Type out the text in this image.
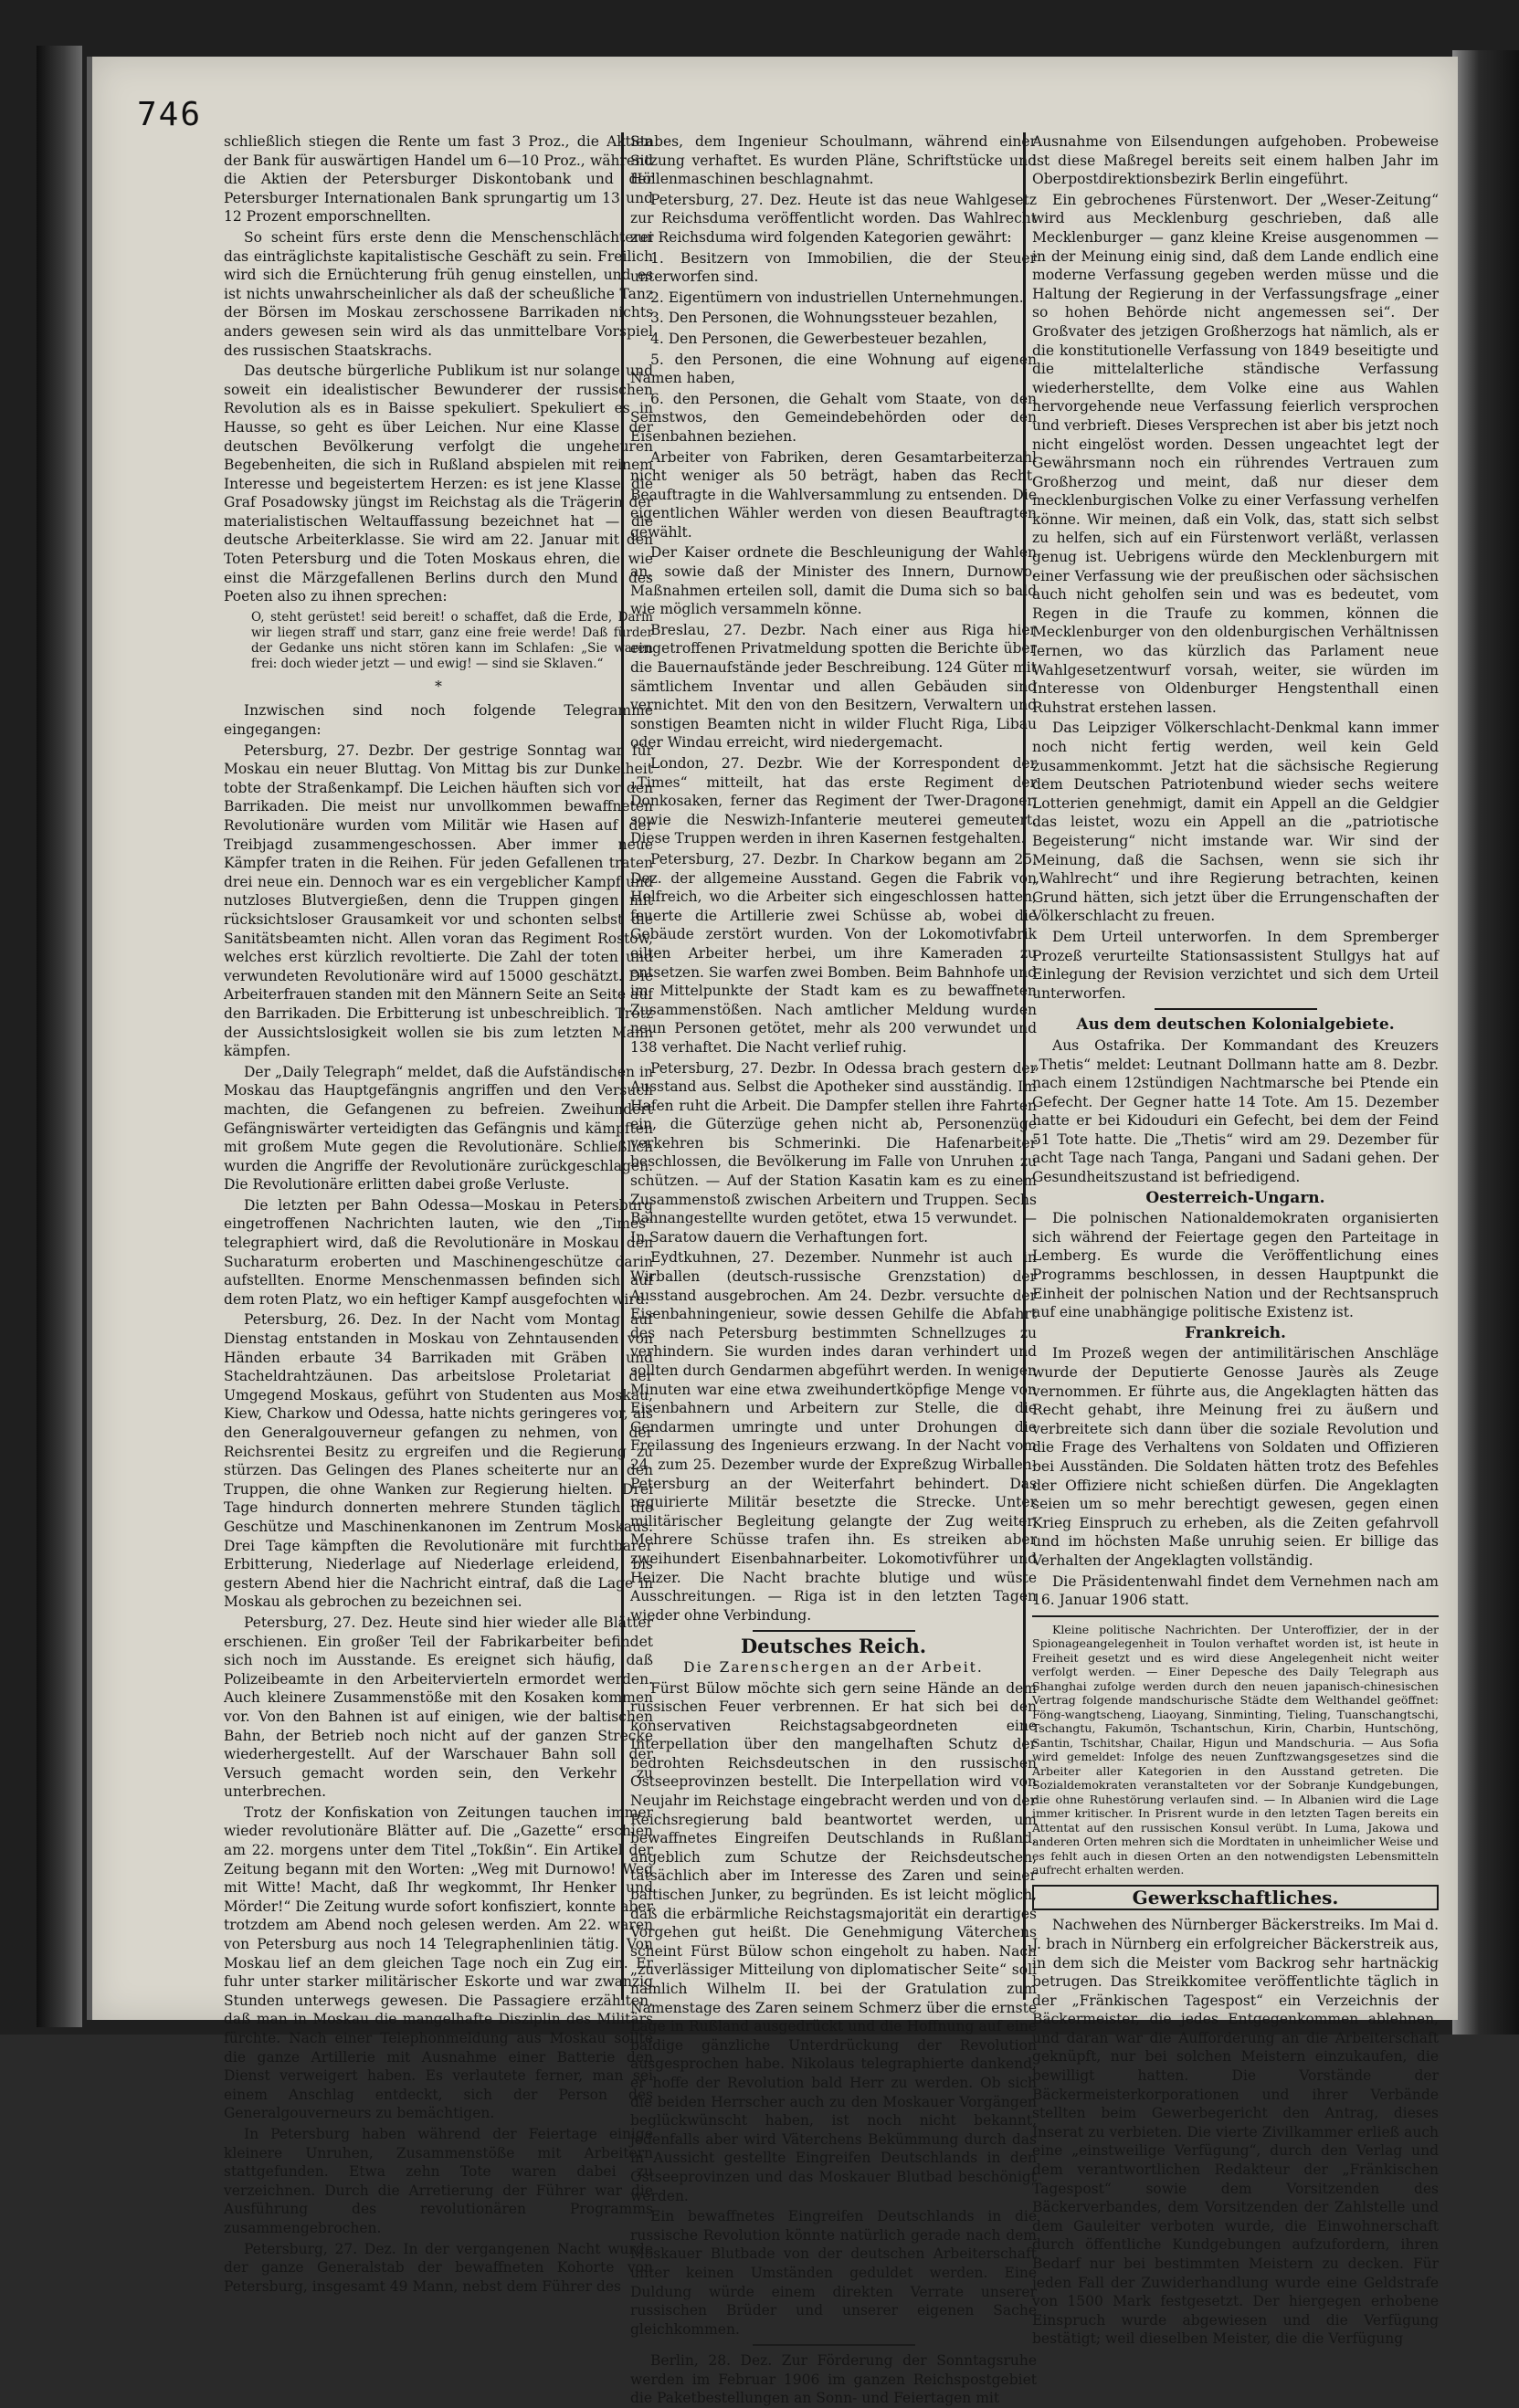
746

schließlich stiegen die Rente um fast 3 Proz., die Aktien der Bank für auswärtigen Handel um 6—10 Proz., während die Aktien der Petersburger Diskontobank und der Petersburger Internationalen Bank sprungartig um 13 und 12 Prozent emporschnellten.

So scheint fürs erste denn die Menschenschlächterei das einträglichste kapitalistische Geschäft zu sein. Freilich wird sich die Ernüchterung früh genug einstellen, und es ist nichts unwahrscheinlicher als daß der scheußliche Tanz der Börsen im Moskau zerschossene Barrikaden nichts anders gewesen sein wird als das unmittelbare Vorspiel des russischen Staatskrachs.

Das deutsche bürgerliche Publikum ist nur solange und soweit ein idealistischer Bewunderer der russischen Revolution als es in Baisse spekuliert. Spekuliert es in Hausse, so geht es über Leichen. Nur eine Klasse der deutschen Bevölkerung verfolgt die ungeheuren Begebenheiten, die sich in Rußland abspielen mit reinem Interesse und begeistertem Herzen: es ist jene Klasse, die Graf Posadowsky jüngst im Reichstag als die Trägerin der materialistischen Weltauffassung bezeichnet hat — die deutsche Arbeiterklasse. Sie wird am 22. Januar mit den Toten Petersburg und die Toten Moskaus ehren, die wie einst die Märzgefallenen Berlins durch den Mund des Poeten also zu ihnen sprechen:

O, steht gerüstet! seid bereit! o schaffet, daß die Erde, Darin wir liegen straff und starr, ganz eine freie werde! Daß fürder der Gedanke uns nicht stören kann im Schlafen: „Sie waren frei: doch wieder jetzt — und ewig! — sind sie Sklaven.“

*

Inzwischen sind noch folgende Telegramme eingegangen:

Petersburg, 27. Dezbr. Der gestrige Sonntag war für Moskau ein neuer Bluttag. Von Mittag bis zur Dunkelheit tobte der Straßenkampf. Die Leichen häuften sich vor den Barrikaden. Die meist nur unvollkommen bewaffneten Revolutionäre wurden vom Militär wie Hasen auf der Treibjagd zusammengeschossen. Aber immer neue Kämpfer traten in die Reihen. Für jeden Gefallenen traten drei neue ein. Dennoch war es ein vergeblicher Kampf und nutzloses Blutvergießen, denn die Truppen gingen mit rücksichtsloser Grausamkeit vor und schonten selbst die Sanitätsbeamten nicht. Allen voran das Regiment Rostow, welches erst kürzlich revoltierte. Die Zahl der toten und verwundeten Revolutionäre wird auf 15000 geschätzt. Die Arbeiterfrauen standen mit den Männern Seite an Seite auf den Barrikaden. Die Erbitterung ist unbeschreiblich. Trotz der Aussichtslosigkeit wollen sie bis zum letzten Mann kämpfen.

Der „Daily Telegraph“ meldet, daß die Aufständischen in Moskau das Hauptgefängnis angriffen und den Versuch machten, die Gefangenen zu befreien. Zweihundert Gefängniswärter verteidigten das Gefängnis und kämpften mit großem Mute gegen die Revolutionäre. Schließlich wurden die Angriffe der Revolutionäre zurückgeschlagen. Die Revolutionäre erlitten dabei große Verluste.

Die letzten per Bahn Odessa—Moskau in Petersburg eingetroffenen Nachrichten lauten, wie den „Times“ telegraphiert wird, daß die Revolutionäre in Moskau den Sucharaturm eroberten und Maschinengeschütze darin aufstellten. Enorme Menschenmassen befinden sich auf dem roten Platz, wo ein heftiger Kampf ausgefochten wird.

Petersburg, 26. Dez. In der Nacht vom Montag auf Dienstag entstanden in Moskau von Zehntausenden von Händen erbaute 34 Barrikaden mit Gräben und Stacheldrahtzäunen. Das arbeitslose Proletariat der Umgegend Moskaus, geführt von Studenten aus Moskau, Kiew, Charkow und Odessa, hatte nichts geringeres vor, als den Generalgouverneur gefangen zu nehmen, von der Reichsrentei Besitz zu ergreifen und die Regierung zu stürzen. Das Gelingen des Planes scheiterte nur an den Truppen, die ohne Wanken zur Regierung hielten. Drei Tage hindurch donnerten mehrere Stunden täglich die Geschütze und Maschinenkanonen im Zentrum Moskaus. Drei Tage kämpften die Revolutionäre mit furchtbarer Erbitterung, Niederlage auf Niederlage erleidend, bis gestern Abend hier die Nachricht eintraf, daß die Lage in Moskau als gebrochen zu bezeichnen sei.

Petersburg, 27. Dez. Heute sind hier wieder alle Blätter erschienen. Ein großer Teil der Fabrikarbeiter befindet sich noch im Ausstande. Es ereignet sich häufig, daß Polizeibeamte in den Arbeitervierteln ermordet werden. Auch kleinere Zusammenstöße mit den Kosaken kommen vor. Von den Bahnen ist auf einigen, wie der baltischen Bahn, der Betrieb noch nicht auf der ganzen Strecke wiederhergestellt. Auf der Warschauer Bahn soll der Versuch gemacht worden sein, den Verkehr zu unterbrechen.

Trotz der Konfiskation von Zeitungen tauchen immer wieder revolutionäre Blätter auf. Die „Gazette“ erschien am 22. morgens unter dem Titel „Tokßin“. Ein Artikel der Zeitung begann mit den Worten: „Weg mit Durnowo! Weg mit Witte! Macht, daß Ihr wegkommt, Ihr Henker und Mörder!“ Die Zeitung wurde sofort konfisziert, konnte aber trotzdem am Abend noch gelesen werden. Am 22. waren von Petersburg aus noch 14 Telegraphenlinien tätig. Von Moskau lief an dem gleichen Tage noch ein Zug ein. Er fuhr unter starker militärischer Eskorte und war zwanzig Stunden unterwegs gewesen. Die Passagiere erzählten, daß man in Moskau die mangelhafte Disziplin des Militärs fürchte. Nach einer Telephonmeldung aus Moskau sollte die ganze Artillerie mit Ausnahme einer Batterie den Dienst verweigert haben. Es verlautete ferner, man sei einem Anschlag entdeckt, sich der Person des Generalgouverneurs zu bemächtigen.

In Petersburg haben während der Feiertage einige kleinere Unruhen, Zusammenstöße mit Arbeitern stattgefunden. Etwa zehn Tote waren dabei zu verzeichnen. Durch die Arretierung der Führer war die Ausführung des revolutionären Programms zusammengebrochen.

Petersburg, 27. Dez. In der vergangenen Nacht wurde der ganze Generalstab der bewaffneten Kohorte von Petersburg, insgesamt 49 Mann, nebst dem Führer des

Stabes, dem Ingenieur Schoulmann, während einer Sitzung verhaftet. Es wurden Pläne, Schriftstücke und Höllenmaschinen beschlagnahmt.

Petersburg, 27. Dez. Heute ist das neue Wahlgesetz zur Reichsduma veröffentlicht worden. Das Wahlrecht zur Reichsduma wird folgenden Kategorien gewährt:

1. Besitzern von Immobilien, die der Steuer unterworfen sind.

2. Eigentümern von industriellen Unternehmungen.

3. Den Personen, die Wohnungssteuer bezahlen,

4. Den Personen, die Gewerbesteuer bezahlen,

5. den Personen, die eine Wohnung auf eigenen Namen haben,

6. den Personen, die Gehalt vom Staate, von den Semstwos, den Gemeindebehörden oder den Eisenbahnen beziehen.

Arbeiter von Fabriken, deren Gesamtarbeiterzahl nicht weniger als 50 beträgt, haben das Recht, Beauftragte in die Wahlversammlung zu entsenden. Die eigentlichen Wähler werden von diesen Beauftragten gewählt.

Der Kaiser ordnete die Beschleunigung der Wahlen an, sowie daß der Minister des Innern, Durnowo, Maßnahmen erteilen soll, damit die Duma sich so bald wie möglich versammeln könne.

Breslau, 27. Dezbr. Nach einer aus Riga hier eingetroffenen Privatmeldung spotten die Berichte über die Bauernaufstände jeder Beschreibung. 124 Güter mit sämtlichem Inventar und allen Gebäuden sind vernichtet. Mit den von den Besitzern, Verwaltern und sonstigen Beamten nicht in wilder Flucht Riga, Libau oder Windau erreicht, wird niedergemacht.

London, 27. Dezbr. Wie der Korrespondent der „Times“ mitteilt, hat das erste Regiment der Donkosaken, ferner das Regiment der Twer-Dragoner, sowie die Neswizh-Infanterie meuterei gemeutert. Diese Truppen werden in ihren Kasernen festgehalten.

Petersburg, 27. Dezbr. In Charkow begann am 25. Dez. der allgemeine Ausstand. Gegen die Fabrik von Helfreich, wo die Arbeiter sich eingeschlossen hatten, feuerte die Artillerie zwei Schüsse ab, wobei die Gebäude zerstört wurden. Von der Lokomotivfabrik eilten Arbeiter herbei, um ihre Kameraden zu entsetzen. Sie warfen zwei Bomben. Beim Bahnhofe und im Mittelpunkte der Stadt kam es zu bewaffneten Zusammenstößen. Nach amtlicher Meldung wurden neun Personen getötet, mehr als 200 verwundet und 138 verhaftet. Die Nacht verlief ruhig.

Petersburg, 27. Dezbr. In Odessa brach gestern der Ausstand aus. Selbst die Apotheker sind ausständig. Im Hafen ruht die Arbeit. Die Dampfer stellen ihre Fahrten ein, die Güterzüge gehen nicht ab, Personenzüge verkehren bis Schmerinki. Die Hafenarbeiter beschlossen, die Bevölkerung im Falle von Unruhen zu schützen. — Auf der Station Kasatin kam es zu einem Zusammenstoß zwischen Arbeitern und Truppen. Sechs Bahnangestellte wurden getötet, etwa 15 verwundet. — In Saratow dauern die Verhaftungen fort.

Eydtkuhnen, 27. Dezember. Nunmehr ist auch in Wirballen (deutsch-russische Grenzstation) der Ausstand ausgebrochen. Am 24. Dezbr. versuchte der Eisenbahningenieur, sowie dessen Gehilfe die Abfahrt des nach Petersburg bestimmten Schnellzuges zu verhindern. Sie wurden indes daran verhindert und sollten durch Gendarmen abgeführt werden. In wenigen Minuten war eine etwa zweihundertköpfige Menge von Eisenbahnern und Arbeitern zur Stelle, die die Gendarmen umringte und unter Drohungen die Freilassung des Ingenieurs erzwang. In der Nacht vom 24. zum 25. Dezember wurde der Expreßzug Wirballen-Petersburg an der Weiterfahrt behindert. Das requirierte Militär besetzte die Strecke. Unter militärischer Begleitung gelangte der Zug weiter. Mehrere Schüsse trafen ihn. Es streiken aber zweihundert Eisenbahnarbeiter. Lokomotivführer und Heizer. Die Nacht brachte blutige und wüste Ausschreitungen. — Riga ist in den letzten Tagen wieder ohne Verbindung.

Deutsches Reich.

Die Zarenschergen an der Arbeit.

Fürst Bülow möchte sich gern seine Hände an dem russischen Feuer verbrennen. Er hat sich bei den konservativen Reichstagsabgeordneten eine Interpellation über den mangelhaften Schutz der bedrohten Reichsdeutschen in den russischen Ostseeprovinzen bestellt. Die Interpellation wird von Neujahr im Reichstage eingebracht werden und von der Reichsregierung bald beantwortet werden, um bewaffnetes Eingreifen Deutschlands in Rußland, angeblich zum Schutze der Reichsdeutschen, tatsächlich aber im Interesse des Zaren und seiner baltischen Junker, zu begründen. Es ist leicht möglich, daß die erbärmliche Reichstagsmajorität ein derartiges Vorgehen gut heißt. Die Genehmigung Väterchens scheint Fürst Bülow schon eingeholt zu haben. Nach „zuverlässiger Mitteilung von diplomatischer Seite“ soll nämlich Wilhelm II. bei der Gratulation zum Namenstage des Zaren seinem Schmerz über die ernste Lage in Rußland ausgedrückt und die Hoffnung auf eine baldige gänzliche Unterdrückung der Revolution ausgesprochen habe. Nikolaus telegraphierte dankend, er hoffe der Revolution bald Herr zu werden. Ob sich die beiden Herrscher auch zu den Moskauer Vorgängen beglückwünscht haben, ist noch nicht bekannt, jedenfalls aber wird Väterchens Bekümmung durch das in Aussicht gestellte Eingreifen Deutschlands in den Ostseeprovinzen und das Moskauer Blutbad beschönigt werden.

Ein bewaffnetes Eingreifen Deutschlands in die russische Revolution könnte natürlich gerade nach dem Moskauer Blutbade von der deutschen Arbeiterschaft unter keinen Umständen geduldet werden. Eine Duldung würde einem direkten Verrate unserer russischen Brüder und unserer eigenen Sache gleichkommen.

Berlin, 28. Dez. Zur Förderung der Sonntagsruhe werden im Februar 1906 im ganzen Reichspostgebiet die Paketbestellungen an Sonn- und Feiertagen mit

Ausnahme von Eilsendungen aufgehoben. Probeweise ist diese Maßregel bereits seit einem halben Jahr im Oberpostdirektionsbezirk Berlin eingeführt.

Ein gebrochenes Fürstenwort. Der „Weser-Zeitung“ wird aus Mecklenburg geschrieben, daß alle Mecklenburger — ganz kleine Kreise ausgenommen — in der Meinung einig sind, daß dem Lande endlich eine moderne Verfassung gegeben werden müsse und die Haltung der Regierung in der Verfassungsfrage „einer so hohen Behörde nicht angemessen sei“. Der Großvater des jetzigen Großherzogs hat nämlich, als er die konstitutionelle Verfassung von 1849 beseitigte und die mittelalterliche ständische Verfassung wiederherstellte, dem Volke eine aus Wahlen hervorgehende neue Verfassung feierlich versprochen und verbrieft. Dieses Versprechen ist aber bis jetzt noch nicht eingelöst worden. Dessen ungeachtet legt der Gewährsmann noch ein rührendes Vertrauen zum Großherzog und meint, daß nur dieser dem mecklenburgischen Volke zu einer Verfassung verhelfen könne. Wir meinen, daß ein Volk, das, statt sich selbst zu helfen, sich auf ein Fürstenwort verläßt, verlassen genug ist. Uebrigens würde den Mecklenburgern mit einer Verfassung wie der preußischen oder sächsischen auch nicht geholfen sein und was es bedeutet, vom Regen in die Traufe zu kommen, können die Mecklenburger von den oldenburgischen Verhältnissen lernen, wo das kürzlich das Parlament neue Wahlgesetzentwurf vorsah, weiter, sie würden im Interesse von Oldenburger Hengstenthall einen Ruhstrat erstehen lassen.

Das Leipziger Völkerschlacht-Denkmal kann immer noch nicht fertig werden, weil kein Geld zusammenkommt. Jetzt hat die sächsische Regierung dem Deutschen Patriotenbund wieder sechs weitere Lotterien genehmigt, damit ein Appell an die Geldgier das leistet, wozu ein Appell an die „patriotische Begeisterung“ nicht imstande war. Wir sind der Meinung, daß die Sachsen, wenn sie sich ihr „Wahlrecht“ und ihre Regierung betrachten, keinen Grund hätten, sich jetzt über die Errungenschaften der Völkerschlacht zu freuen.

Dem Urteil unterworfen. In dem Spremberger Prozeß verurteilte Stationsassistent Stullgys hat auf Einlegung der Revision verzichtet und sich dem Urteil unterworfen.

Aus dem deutschen Kolonialgebiete.

Aus Ostafrika. Der Kommandant des Kreuzers „Thetis“ meldet: Leutnant Dollmann hatte am 8. Dezbr. nach einem 12stündigen Nachtmarsche bei Ptende ein Gefecht. Der Gegner hatte 14 Tote. Am 15. Dezember hatte er bei Kidouduri ein Gefecht, bei dem der Feind 51 Tote hatte. Die „Thetis“ wird am 29. Dezember für acht Tage nach Tanga, Pangani und Sadani gehen. Der Gesundheitszustand ist befriedigend.

Oesterreich-Ungarn.

Die polnischen Nationaldemokraten organisierten sich während der Feiertage gegen den Parteitage in Lemberg. Es wurde die Veröffentlichung eines Programms beschlossen, in dessen Hauptpunkt die Einheit der polnischen Nation und der Rechtsanspruch auf eine unabhängige politische Existenz ist.

Frankreich.

Im Prozeß wegen der antimilitärischen Anschläge wurde der Deputierte Genosse Jaurès als Zeuge vernommen. Er führte aus, die Angeklagten hätten das Recht gehabt, ihre Meinung frei zu äußern und verbreitete sich dann über die soziale Revolution und die Frage des Verhaltens von Soldaten und Offizieren bei Ausständen. Die Soldaten hätten trotz des Befehles der Offiziere nicht schießen dürfen. Die Angeklagten seien um so mehr berechtigt gewesen, gegen einen Krieg Einspruch zu erheben, als die Zeiten gefahrvoll und im höchsten Maße unruhig seien. Er billige das Verhalten der Angeklagten vollständig.

Die Präsidentenwahl findet dem Vernehmen nach am 16. Januar 1906 statt.

Kleine politische Nachrichten. Der Unteroffizier, der in der Spionageangelegenheit in Toulon verhaftet worden ist, ist heute in Freiheit gesetzt und es wird diese Angelegenheit nicht weiter verfolgt werden. — Einer Depesche des Daily Telegraph aus Shanghai zufolge werden durch den neuen japanisch-chinesischen Vertrag folgende mandschurische Städte dem Welthandel geöffnet: Föng-wangtscheng, Liaoyang, Sinminting, Tieling, Tuanschangtschi, Tschangtu, Fakumön, Tschantschun, Kirin, Charbin, Huntschöng, Santin, Tschitshar, Chailar, Higun und Mandschuria. — Aus Sofia wird gemeldet: Infolge des neuen Zunftzwangsgesetzes sind die Arbeiter aller Kategorien in den Ausstand getreten. Die Sozialdemokraten veranstalteten vor der Sobranje Kundgebungen, die ohne Ruhestörung verlaufen sind. — In Albanien wird die Lage immer kritischer. In Prisrent wurde in den letzten Tagen bereits ein Attentat auf den russischen Konsul verübt. In Luma, Jakowa und anderen Orten mehren sich die Mordtaten in unheimlicher Weise und es fehlt auch in diesen Orten an den notwendigsten Lebensmitteln aufrecht erhalten werden.

Gewerkschaftliches.

Nachwehen des Nürnberger Bäckerstreiks. Im Mai d. J. brach in Nürnberg ein erfolgreicher Bäckerstreik aus, in dem sich die Meister vom Backrog sehr hartnäckig betrugen. Das Streikkomitee veröffentlichte täglich in der „Fränkischen Tagespost“ ein Verzeichnis der Bäckermeister, die jedes Entgegenkommen ablehnen, und daran war die Aufforderung an die Arbeiterschaft geknüpft, nur bei solchen Meistern einzukaufen, die bewilligt hatten. Die Vorstände der Bäckermeisterkorporationen und ihrer Verbände stellten beim Gewerbegericht den Antrag, dieses Inserat zu verbieten. Die vierte Zivilkammer erließ auch eine „einstweilige Verfügung“, durch den Verlag und dem verantwortlichen Redakteur der „Fränkischen Tagespost“ sowie dem Vorsitzenden des Bäckerverbandes, dem Vorsitzenden der Zahlstelle und dem Gauleiter verboten wurde, die Einwohnerschaft durch öffentliche Kundgebungen aufzufordern, ihren Bedarf nur bei bestimmten Meistern zu decken. Für jeden Fall der Zuwiderhandlung wurde eine Geldstrafe von 1500 Mark festgesetzt. Der hiergegen erhobene Einspruch wurde abgewiesen und die Verfügung bestätigt; weil dieselben Meister, die die Verfügung
